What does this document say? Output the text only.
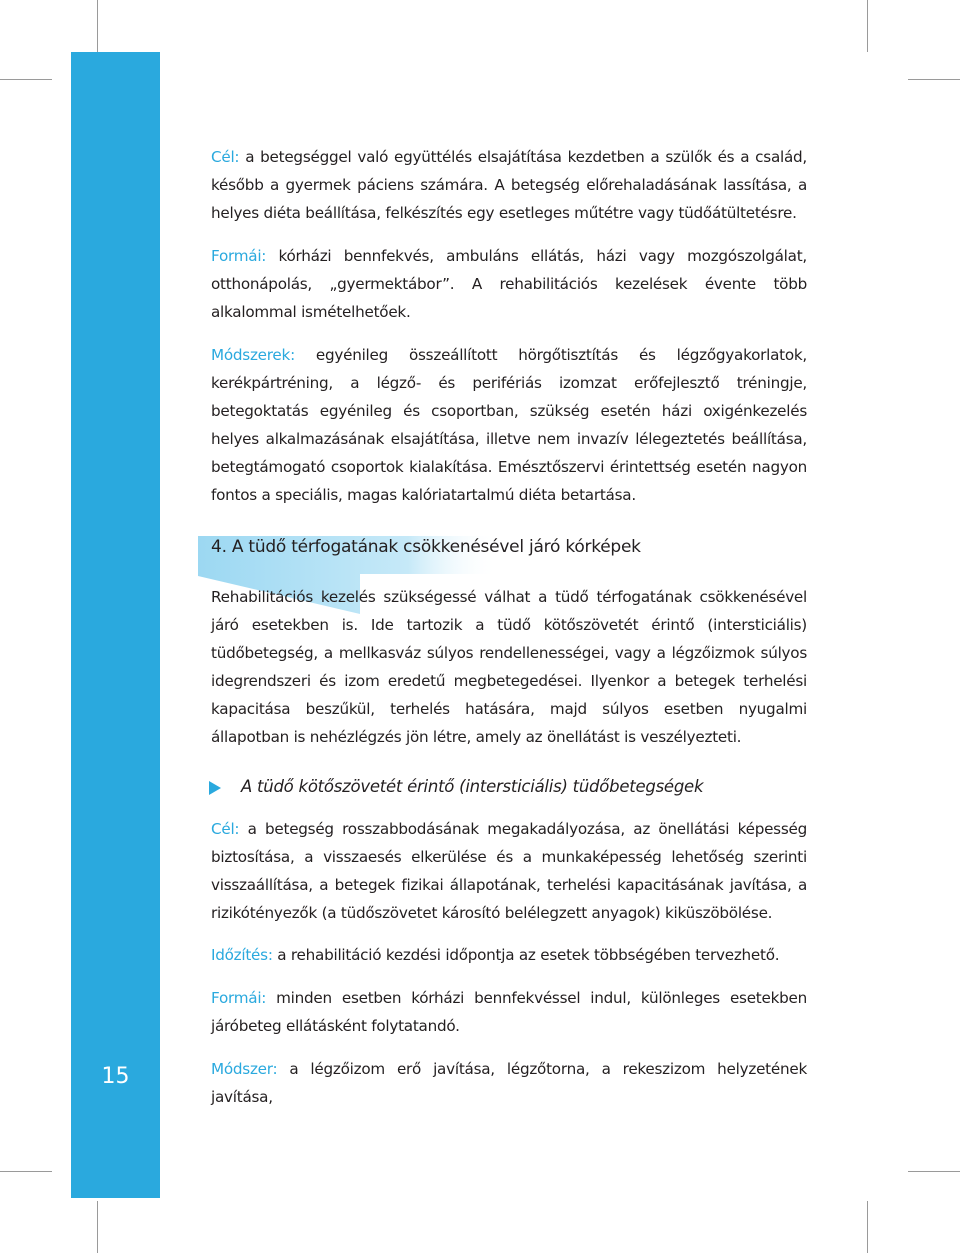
15

Cél: a betegséggel való együttélés elsajátítása kezdetben a szülők és a család, később a gyermek páciens számára. A betegség előrehaladásának lassítása, a helyes diéta beállítása, felkészítés egy esetleges műtétre vagy tüdőátültetésre.

Formái: kórházi bennfekvés, ambuláns ellátás, házi vagy mozgószolgálat, otthonápolás, „gyermektábor”. A rehabilitációs kezelések évente több alkalommal ismételhetőek.

Módszerek: egyénileg összeállított hörgőtisztítás és légzőgyakorlatok, kerékpártréning, a légző- és perifériás izomzat erőfejlesztő tréningje, betegoktatás egyénileg és csoportban, szükség esetén házi oxigénkezelés helyes alkalmazásának elsajátítása, illetve nem invazív lélegeztetés beállítása, betegtámogató csoportok kialakítása. Emésztőszervi érintettség esetén nagyon fontos a speciális, magas kalóriatartalmú diéta betartása.

4. A tüdő térfogatának csökkenésével járó kórképek

Rehabilitációs kezelés szükségessé válhat a tüdő térfogatának csökkenésével járó esetekben is. Ide tartozik a tüdő kötőszövetét érintő (intersticiális) tüdőbetegség, a mellkasváz súlyos rendellenességei, vagy a légzőizmok súlyos idegrendszeri és izom eredetű megbetegedései. Ilyenkor a betegek terhelési kapacitása beszűkül, terhelés hatására, majd súlyos esetben nyugalmi állapotban is nehézlégzés jön létre, amely az önellátást is veszélyezteti.

A tüdő kötőszövetét érintő (intersticiális) tüdőbetegségek

Cél: a betegség rosszabbodásának megakadályozása, az önellátási képesség biztosítása, a visszaesés elkerülése és a munkaképesség lehetőség szerinti visszaállítása, a betegek fizikai állapotának, terhelési kapacitásának javítása, a rizikótényezők (a tüdőszövetet károsító belélegzett anyagok) kiküszöbölése.

Időzítés: a rehabilitáció kezdési időpontja az esetek többségében tervezhető.

Formái: minden esetben kórházi bennfekvéssel indul, különleges esetekben járóbeteg ellátásként folytatandó.

Módszer: a légzőizom erő javítása, légzőtorna, a rekeszizom helyzetének javítása,
